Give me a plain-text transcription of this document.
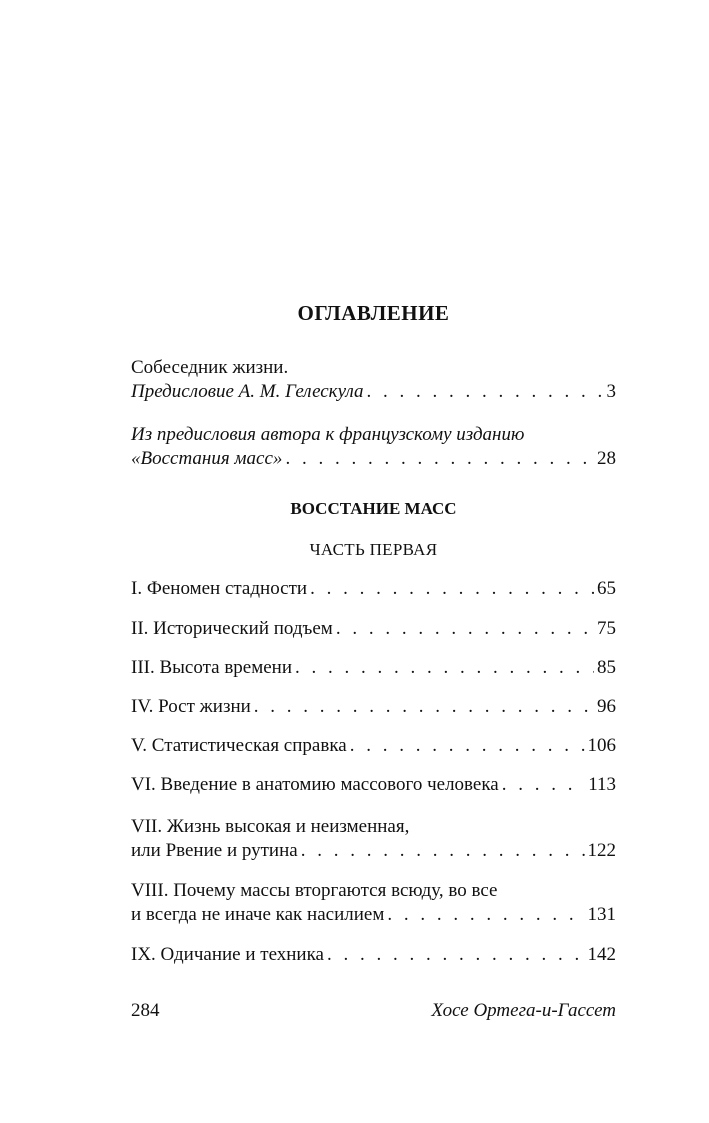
ОГЛАВЛЕНИЕ
Собеседник жизни.
Предисловие А. М. Гелескула . . .	3
Из предисловия автора к французскому изданию
«Восстания масс» . . .	28
ВОССТАНИЕ МАСС
ЧАСТЬ ПЕРВАЯ
I. Феномен стадности . . .	65
II. Исторический подъем . . .	75
III. Высота времени . . .	85
IV. Рост жизни . . .	96
V. Статистическая справка . . .	106
VI. Введение в анатомию массового человека . . .	113
VII. Жизнь высокая и неизменная,
или Рвение и рутина . . .	122
VIII. Почему массы вторгаются всюду, во все
и всегда не иначе как насилием . . .	131
IX. Одичание и техника . . .	142
284	Хосе Ортега-и-Гассет
